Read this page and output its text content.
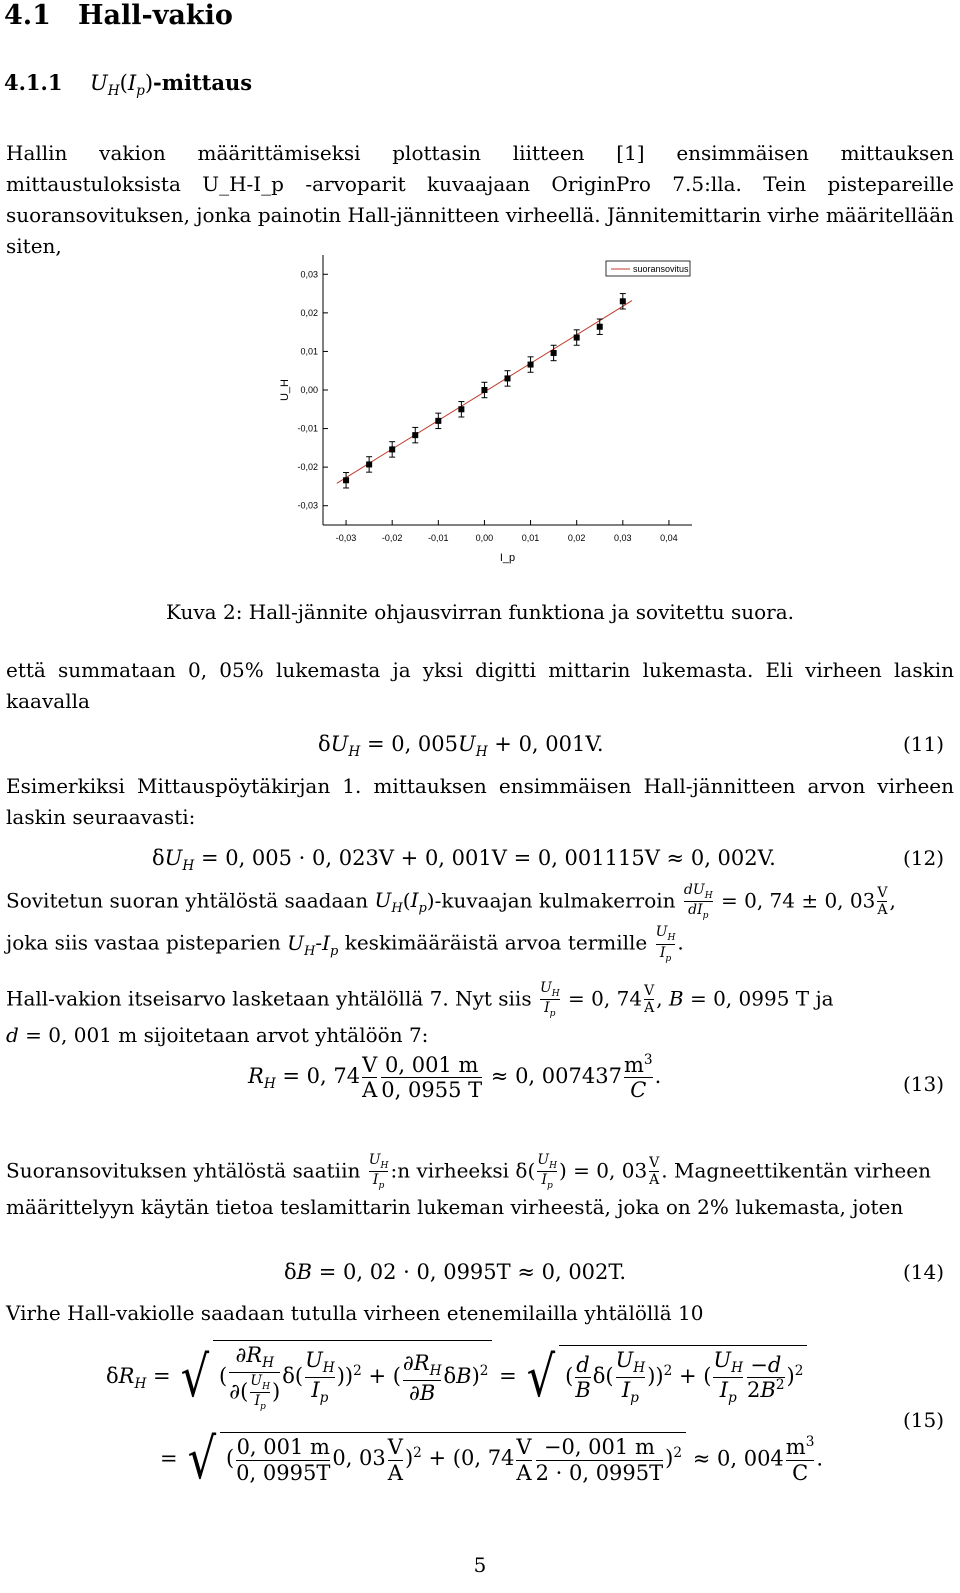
4.1 Hall-vakio
4.1.1 $U_H(I_p)$-mittaus
Hallin vakion määrittämiseksi plottasin liitteen [1] ensimmäisen mittauksen mittaustuloksista U_H-I_p -arvoparit kuvaajaan OriginPro 7.5:lla. Tein pistepareille suoransovituksen, jonka painotin Hall-jännitteen virheellä. Jännitemittarin virhe määritellään siten,
-0,03
-0,02
-0,01
0,00
0,01
0,02
0,03
-0,03	-0,02	-0,01	0,00	0,01	0,02	0,03	0,04
I_p
U_H
suoransovitus
Kuva 2: Hall-jännite ohjausvirran funktiona ja sovitettu suora.
että summataan 0, 05% lukemasta ja yksi digitti mittarin lukemasta. Eli virheen laskin kaavalla
$\delta U_H = 0$, $005U_H + 0$, 001V.	(11)
Esimerkiksi Mittauspöytäkirjan 1. mittauksen ensimmäisen Hall-jännitteen arvon virheen laskin seuraavasti:
$\delta U_H = 0$, 005 · 0, 023V + 0, 001V = 0, 001115V ≈ 0, 002V.	(12)
Sovitetun suoran yhtälöstä saadaan $U_H(I_p)$-kuvaajan kulmakerroin $\frac{dU_H}{dI_p} = 0$, 74 ± 0, $03 \frac{V}{A}$ ,
joka siis vastaa pisteparien $U_H-I_p$ keskimääräistä arvoa termille $\frac{U_H}{I_p}$ .
Hall-vakion itseisarvo lasketaan yhtälöllä 7. Nyt siis $\frac{U_H}{I_p} = 0$, $74 \frac{V}{A}$ , B = 0, 0995 T ja
d = 0, 001 m sijoitetaan arvot yhtälöön 7:
$R_H = 0$, $74 \frac{V}{A} \frac{0, 001 m}{0, 0955 T} \approx 0$, $007437 \frac{m^3}{C}$ .	(13)
Suoransovituksen yhtälöstä saatiin $\frac{U_H}{I_p}$ :n virheeksi $\delta( \frac{U_H}{I_p}$ ) = 0, $03 \frac{V}{A}$ . Magneettikentän virheen määrittelyyn käytän tietoa teslamittarin lukeman virheestä, joka on 2% lukemasta, joten
δB = 0, 02 · 0, 0995T ≈ 0, 002T.	(14)
Virhe Hall-vakiolle saadaan tutulla virheen etenemilailla yhtälöllä 10
$\delta R_H$ = √ ( $\frac{\partial R_H}{\partial( \frac{U_H}{I_p} )} \delta( \frac{U_H}{I_p} ))^2$ + ( $\frac{\partial R_H}{\partial B} \delta B)^2$ = √ ( $\frac{d}{B} \delta( \frac{U_H}{I_p} ))^2$ + ( $\frac{U_H}{I_p} \frac{-d}{2B^2} )^2$
= √ ( $\frac{0, 001 m}{0, 0995T} 0$, $03 \frac{V}{A} )^2 + (0$, $74 \frac{V}{A} \frac{-0, 001 m}{2 \cdot 0, 0995T} )^2 \approx 0$, $004 \frac{m^3}{C}$ .
(15)
5
